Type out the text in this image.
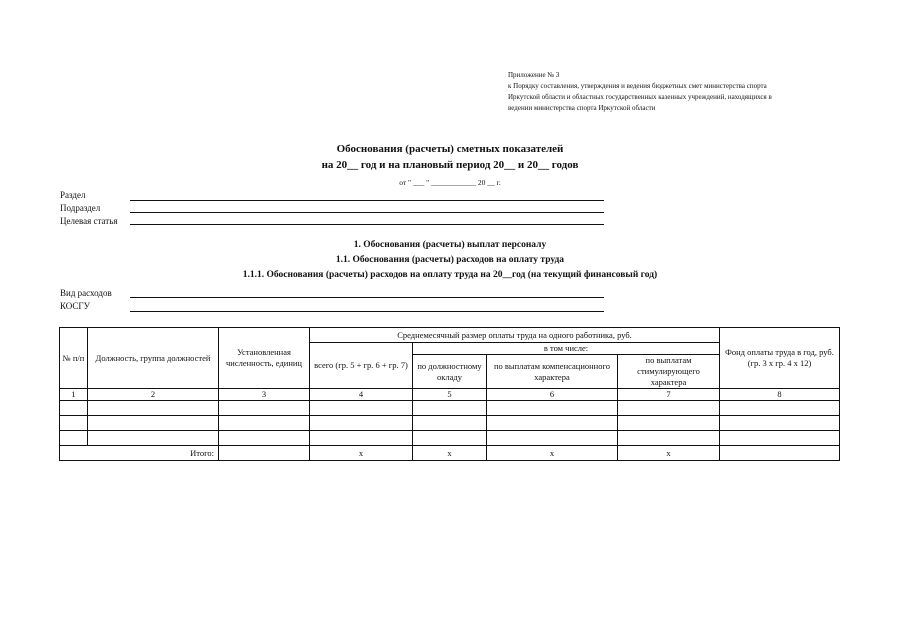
Приложение № 3
к Порядку составления, утверждения и ведения бюджетных смет министерства спорта
Иркутской области и областных государственных казенных учреждений, находящихся в
ведении министерства спорта Иркутской области
Обоснования (расчеты) сметных показателей
на 20__ год и на плановый период 20__ и 20__ годов
от " ___ " ____________ 20 __ г.
Раздел
Подраздел
Целевая статья
1. Обоснования (расчеты) выплат персоналу
1.1. Обоснования (расчеты) расходов на оплату труда
1.1.1. Обоснования (расчеты) расходов на оплату труда на 20__год (на текущий финансовый год)
Вид расходов
КОСГУ
№ п/п	Должность, группа должностей	Установленная численность, единиц	Среднемесячный размер оплаты труда на одного работника, руб.				Фонд оплаты труда в год, руб. (гр. 3 х гр. 4 х 12)
			всего (гр. 5 + гр. 6 + гр. 7)	в том числе:			
				по должностному окладу	по выплатам компенсационного характера	по выплатам стимулирующего характера	
1	2	3	4	5	6	7	8

Итого:			х	х	х	х	
